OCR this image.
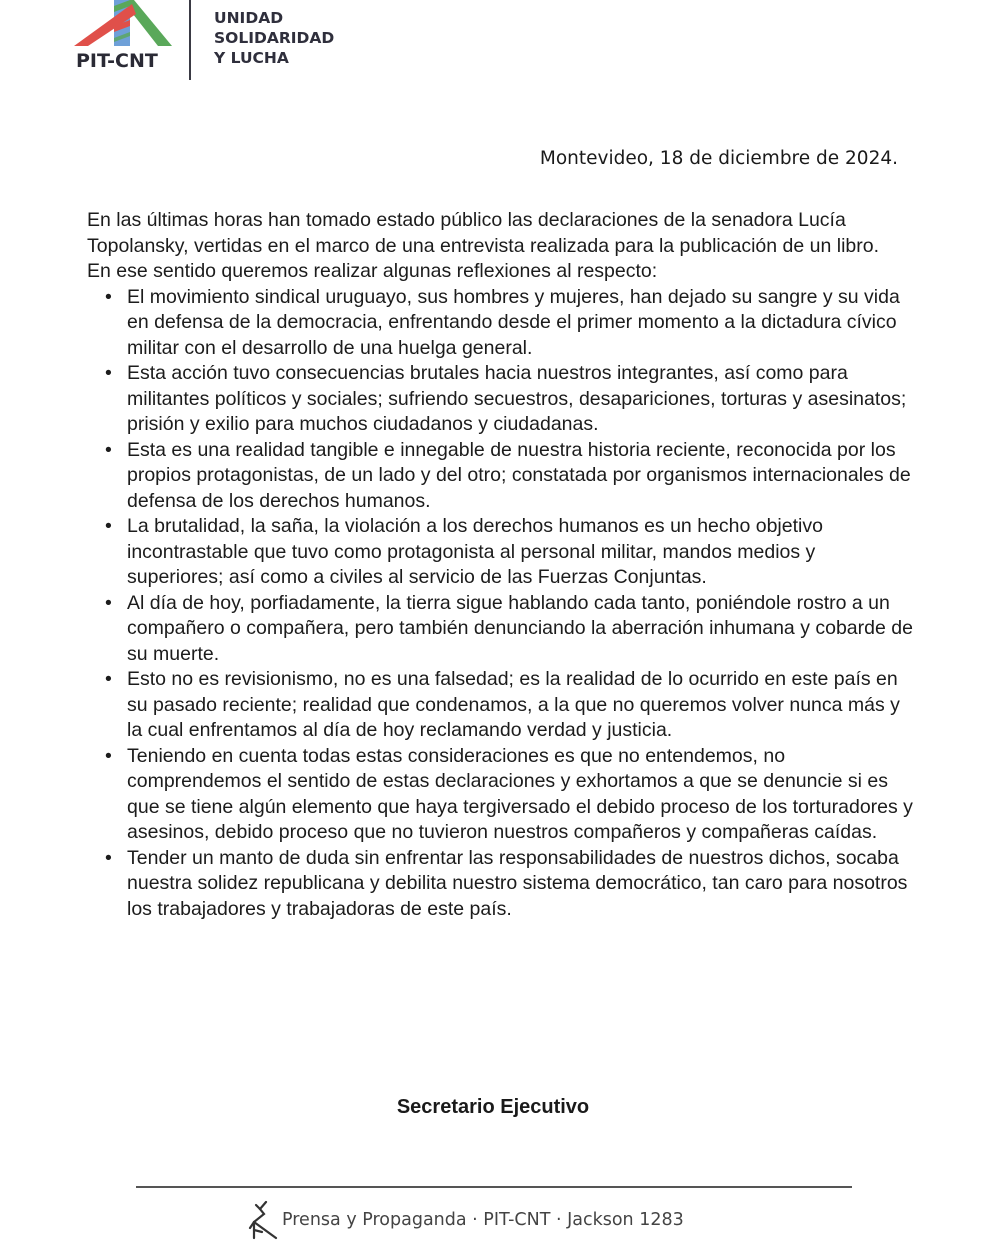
PIT-CNT
UNIDAD
SOLIDARIDAD
Y LUCHA
Montevideo, 18 de diciembre de 2024.

En las últimas horas han tomado estado público las declaraciones de la senadora Lucía Topolansky, vertidas en el marco de una entrevista realizada para la publicación de un libro.

En ese sentido queremos realizar algunas reflexiones al respecto:

• El movimiento sindical uruguayo, sus hombres y mujeres, han dejado su sangre y su vida en defensa de la democracia, enfrentando desde el primer momento a la dictadura cívico militar con el desarrollo de una huelga general.
• Esta acción tuvo consecuencias brutales hacia nuestros integrantes, así como para militantes políticos y sociales; sufriendo secuestros, desapariciones, torturas y asesinatos; prisión y exilio para muchos ciudadanos y ciudadanas.
• Esta es una realidad tangible e innegable de nuestra historia reciente, reconocida por los propios protagonistas, de un lado y del otro; constatada por organismos internacionales de defensa de los derechos humanos.
• La brutalidad, la saña, la violación a los derechos humanos es un hecho objetivo incontrastable que tuvo como protagonista al personal militar, mandos medios y superiores; así como a civiles al servicio de las Fuerzas Conjuntas.
• Al día de hoy, porfiadamente, la tierra sigue hablando cada tanto, poniéndole rostro a un compañero o compañera, pero también denunciando la aberración inhumana y cobarde de su muerte.
• Esto no es revisionismo, no es una falsedad; es la realidad de lo ocurrido en este país en su pasado reciente; realidad que condenamos, a la que no queremos volver nunca más y la cual enfrentamos al día de hoy reclamando verdad y justicia.
• Teniendo en cuenta todas estas consideraciones es que no entendemos, no comprendemos el sentido de estas declaraciones y exhortamos a que se denuncie si es que se tiene algún elemento que haya tergiversado el debido proceso de los torturadores y asesinos, debido proceso que no tuvieron nuestros compañeros y compañeras caídas.
• Tender un manto de duda sin enfrentar las responsabilidades de nuestros dichos, socaba nuestra solidez republicana y debilita nuestro sistema democrático, tan caro para nosotros los trabajadores y trabajadoras de este país.
Secretario Ejecutivo
Prensa y Propaganda · PIT-CNT · Jackson 1283
